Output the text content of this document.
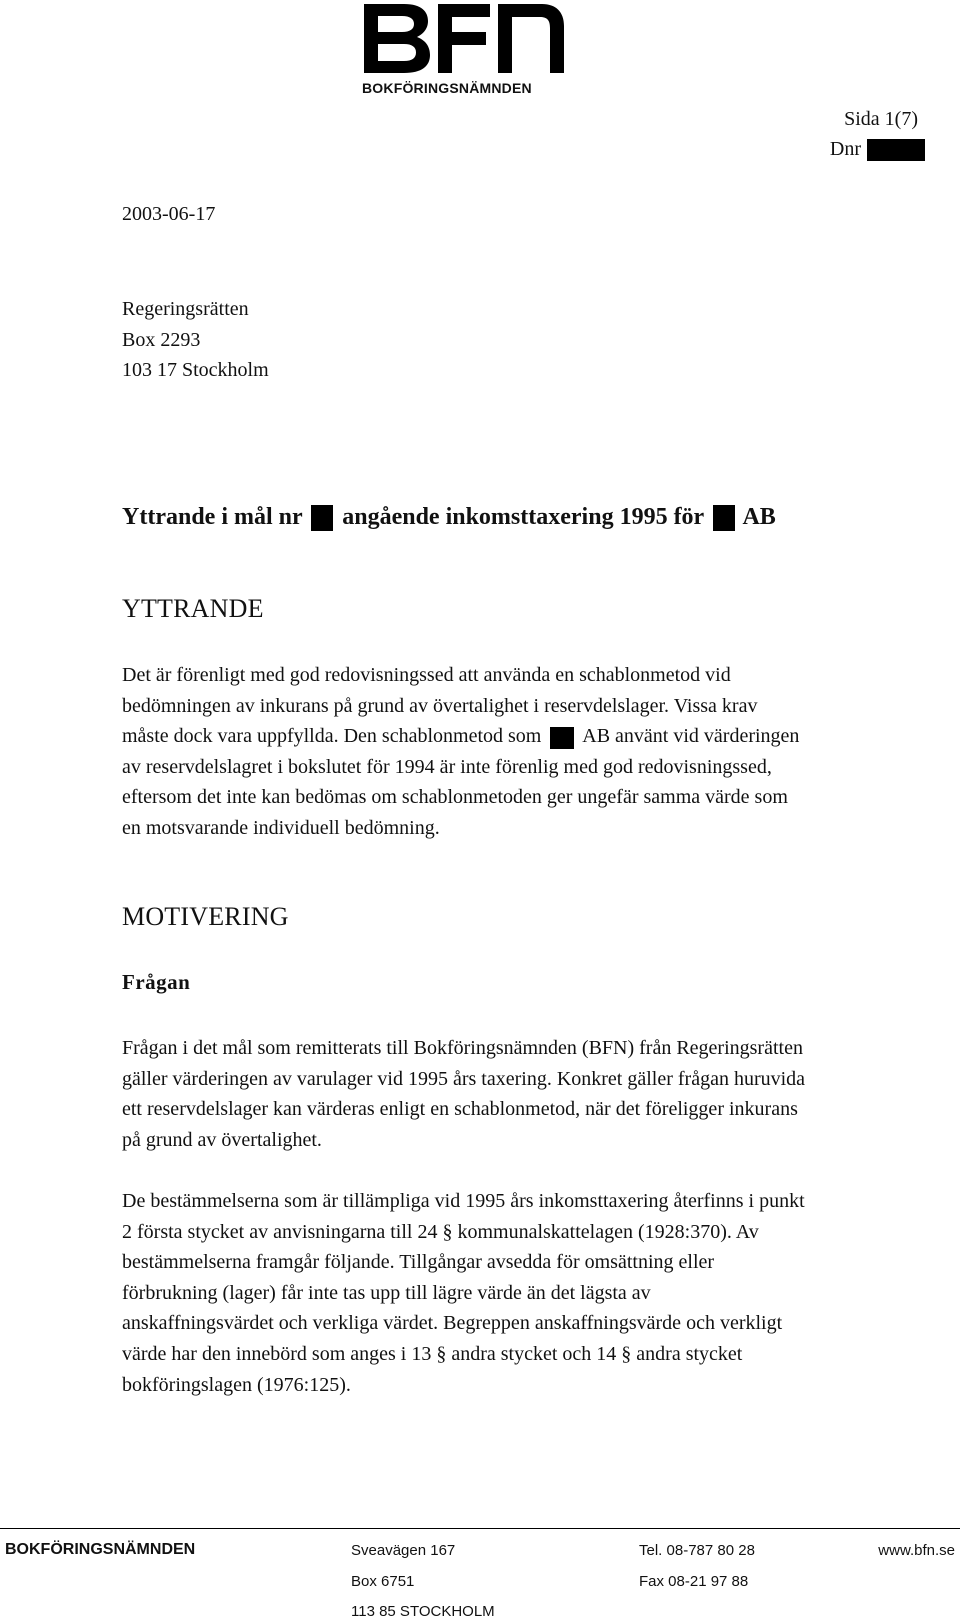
BOKFÖRINGSNÄMNDEN
Sida 1(7)
Dnr
2003-06-17
Regeringsrätten
Box 2293
103 17 Stockholm
Yttrande i mål nr angående inkomsttaxering 1995 för AB
YTTRANDE
Det är förenligt med god redovisningssed att använda en schablonmetod vid
bedömningen av inkurans på grund av övertalighet i reservdelslager. Vissa krav
måste dock vara uppfyllda. Den schablonmetod som AB använt vid värderingen
av reservdelslagret i bokslutet för 1994 är inte förenlig med god redovisningssed,
eftersom det inte kan bedömas om schablonmetoden ger ungefär samma värde som
en motsvarande individuell bedömning.
MOTIVERING
Frågan
Frågan i det mål som remitterats till Bokföringsnämnden (BFN) från Regeringsrätten
gäller värderingen av varulager vid 1995 års taxering. Konkret gäller frågan huruvida
ett reservdelslager kan värderas enligt en schablonmetod, när det föreligger inkurans
på grund av övertalighet.
De bestämmelserna som är tillämpliga vid 1995 års inkomsttaxering återfinns i punkt
2 första stycket av anvisningarna till 24 § kommunalskattelagen (1928:370). Av
bestämmelserna framgår följande. Tillgångar avsedda för omsättning eller
förbrukning (lager) får inte tas upp till lägre värde än det lägsta av
anskaffningsvärdet och verkliga värdet. Begreppen anskaffningsvärde och verkligt
värde har den innebörd som anges i 13 § andra stycket och 14 § andra stycket
bokföringslagen (1976:125).
BOKFÖRINGSNÄMNDEN	Sveavägen 167
Box 6751
113 85 STOCKHOLM
Tel. 08-787 80 28
Fax 08-21 97 88
www.bfn.se
